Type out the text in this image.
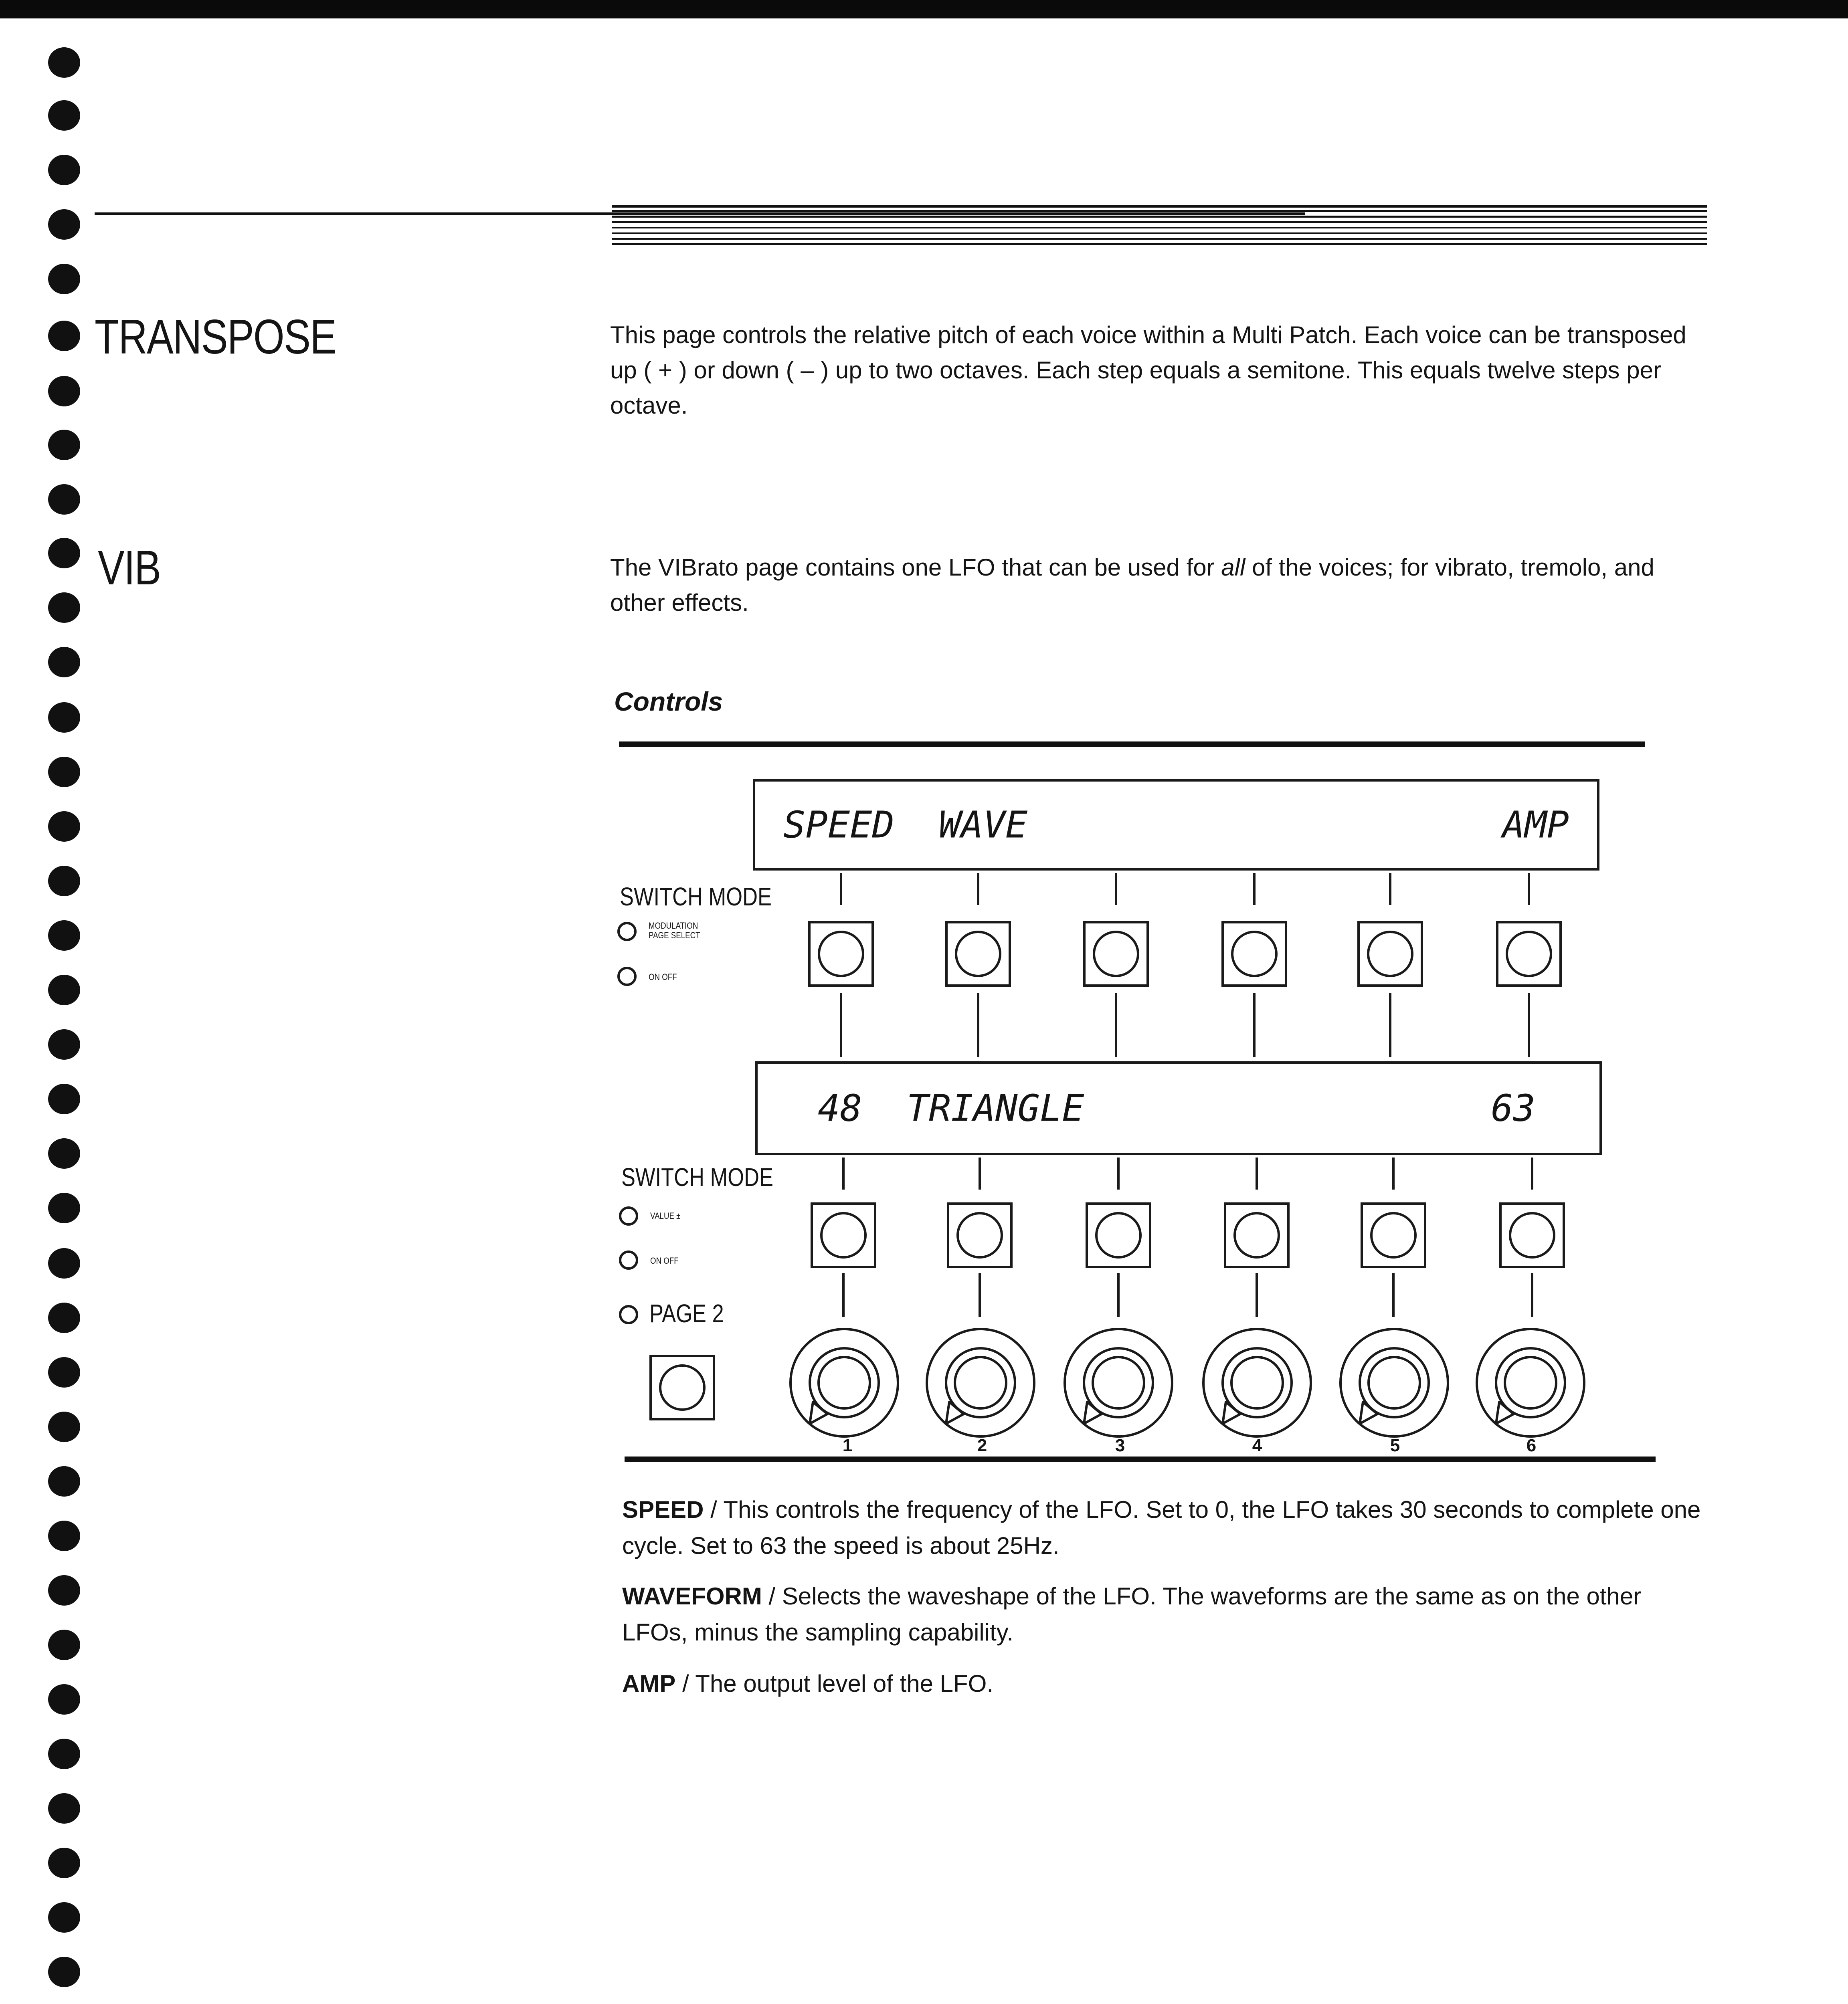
TRANSPOSE	This page controls the relative pitch of each voice within a Multi Patch. Each voice can be transposed up ( + ) or down ( – ) up to two octaves. Each step equals a semitone. This equals twelve steps per octave.
VIB	The VIBrato page contains one LFO that can be used for all of the voices; for vibrato, tremolo, and other effects.
Controls
SPEED  WAVE	AMP
SWITCH MODE
MODULATION
PAGE SELECT
ON OFF
48  TRIANGLE	63
SWITCH MODE
VALUE ±
ON OFF
PAGE 2
1	2	3	4	5	6
SPEED / This controls the frequency of the LFO. Set to 0, the LFO takes 30 seconds to complete one cycle. Set to 63 the speed is about 25Hz.
WAVEFORM / Selects the waveshape of the LFO. The waveforms are the same as on the other LFOs, minus the sampling capability.
AMP / The output level of the LFO.
